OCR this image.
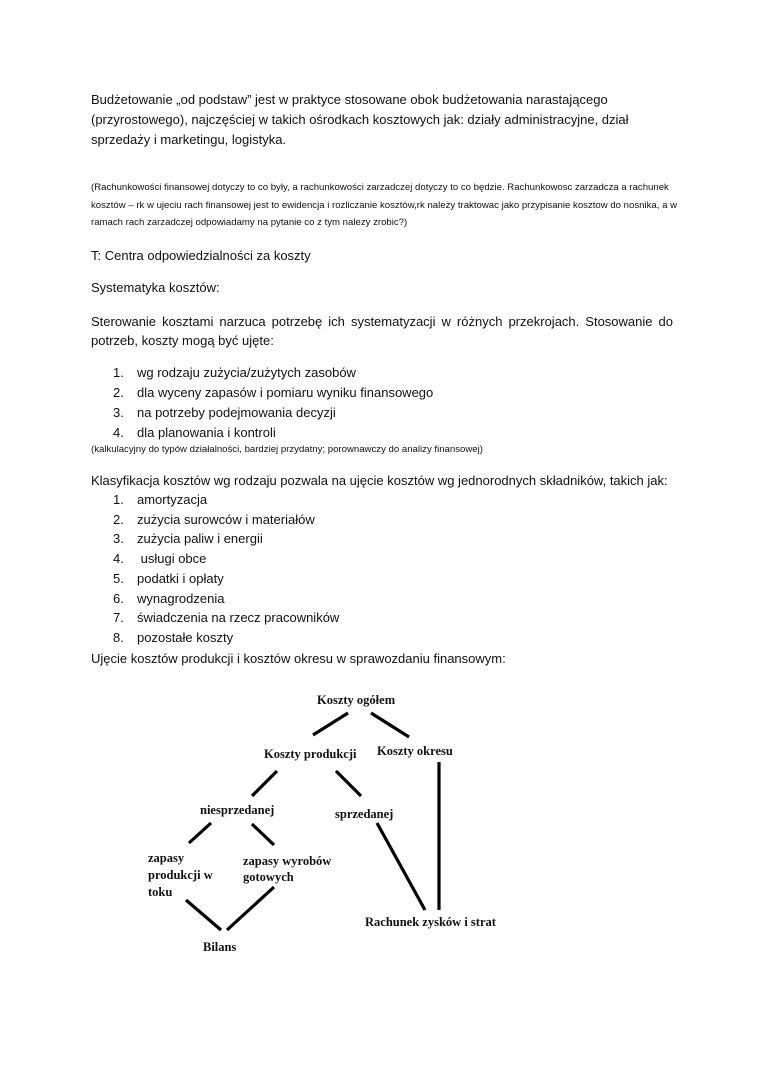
Budżetowanie „od podstaw” jest w praktyce stosowane obok budżetowania narastającego (przyrostowego), najczęściej w takich ośrodkach kosztowych jak: działy administracyjne, dział sprzedaży i marketingu, logistyka.

(Rachunkowości finansowej dotyczy to co były, a rachunkowości zarzadczej dotyczy to co będzie. Rachunkowosc zarzadcza a rachunek kosztów – rk w ujeciu rach finansowej jest to ewidencja i rozliczanie kosztów,rk należy traktowac jako przypisanie kosztow do nosnika, a w ramach rach zarzadczej odpowiadamy na pytanie co z tym nalezy zrobic?)

T: Centra odpowiedzialności za koszty

Systematyka kosztów:

Sterowanie kosztami narzuca potrzebę ich systematyzacji w różnych przekrojach. Stosowanie do potrzeb, koszty mogą być ujęte:

1. wg rodzaju zużycia/zużytych zasobów
2. dla wyceny zapasów i pomiaru wyniku finansowego
3. na potrzeby podejmowania decyzji
4. dla planowania i kontroli

(kalkulacyjny do typów działalności, bardziej przydatny; porownawczy do analizy finansowej)

Klasyfikacja kosztów wg rodzaju pozwala na ujęcie kosztów wg jednorodnych składników, takich jak:

1. amortyzacja
2. zużycia surowców i materiałów
3. zużycia paliw i energii
4. usługi obce
5. podatki i opłaty
6. wynagrodzenia
7. świadczenia na rzecz pracowników
8. pozostałe koszty

Ujęcie kosztów produkcji i kosztów okresu w sprawozdaniu finansowym:

Koszty ogółem
Koszty produkcji Koszty okresu
niesprzedanej	sprzedanej
zapasy
produkcji w
toku
zapasy wyrobów
gotowych
Rachunek zysków i strat
Bilans
